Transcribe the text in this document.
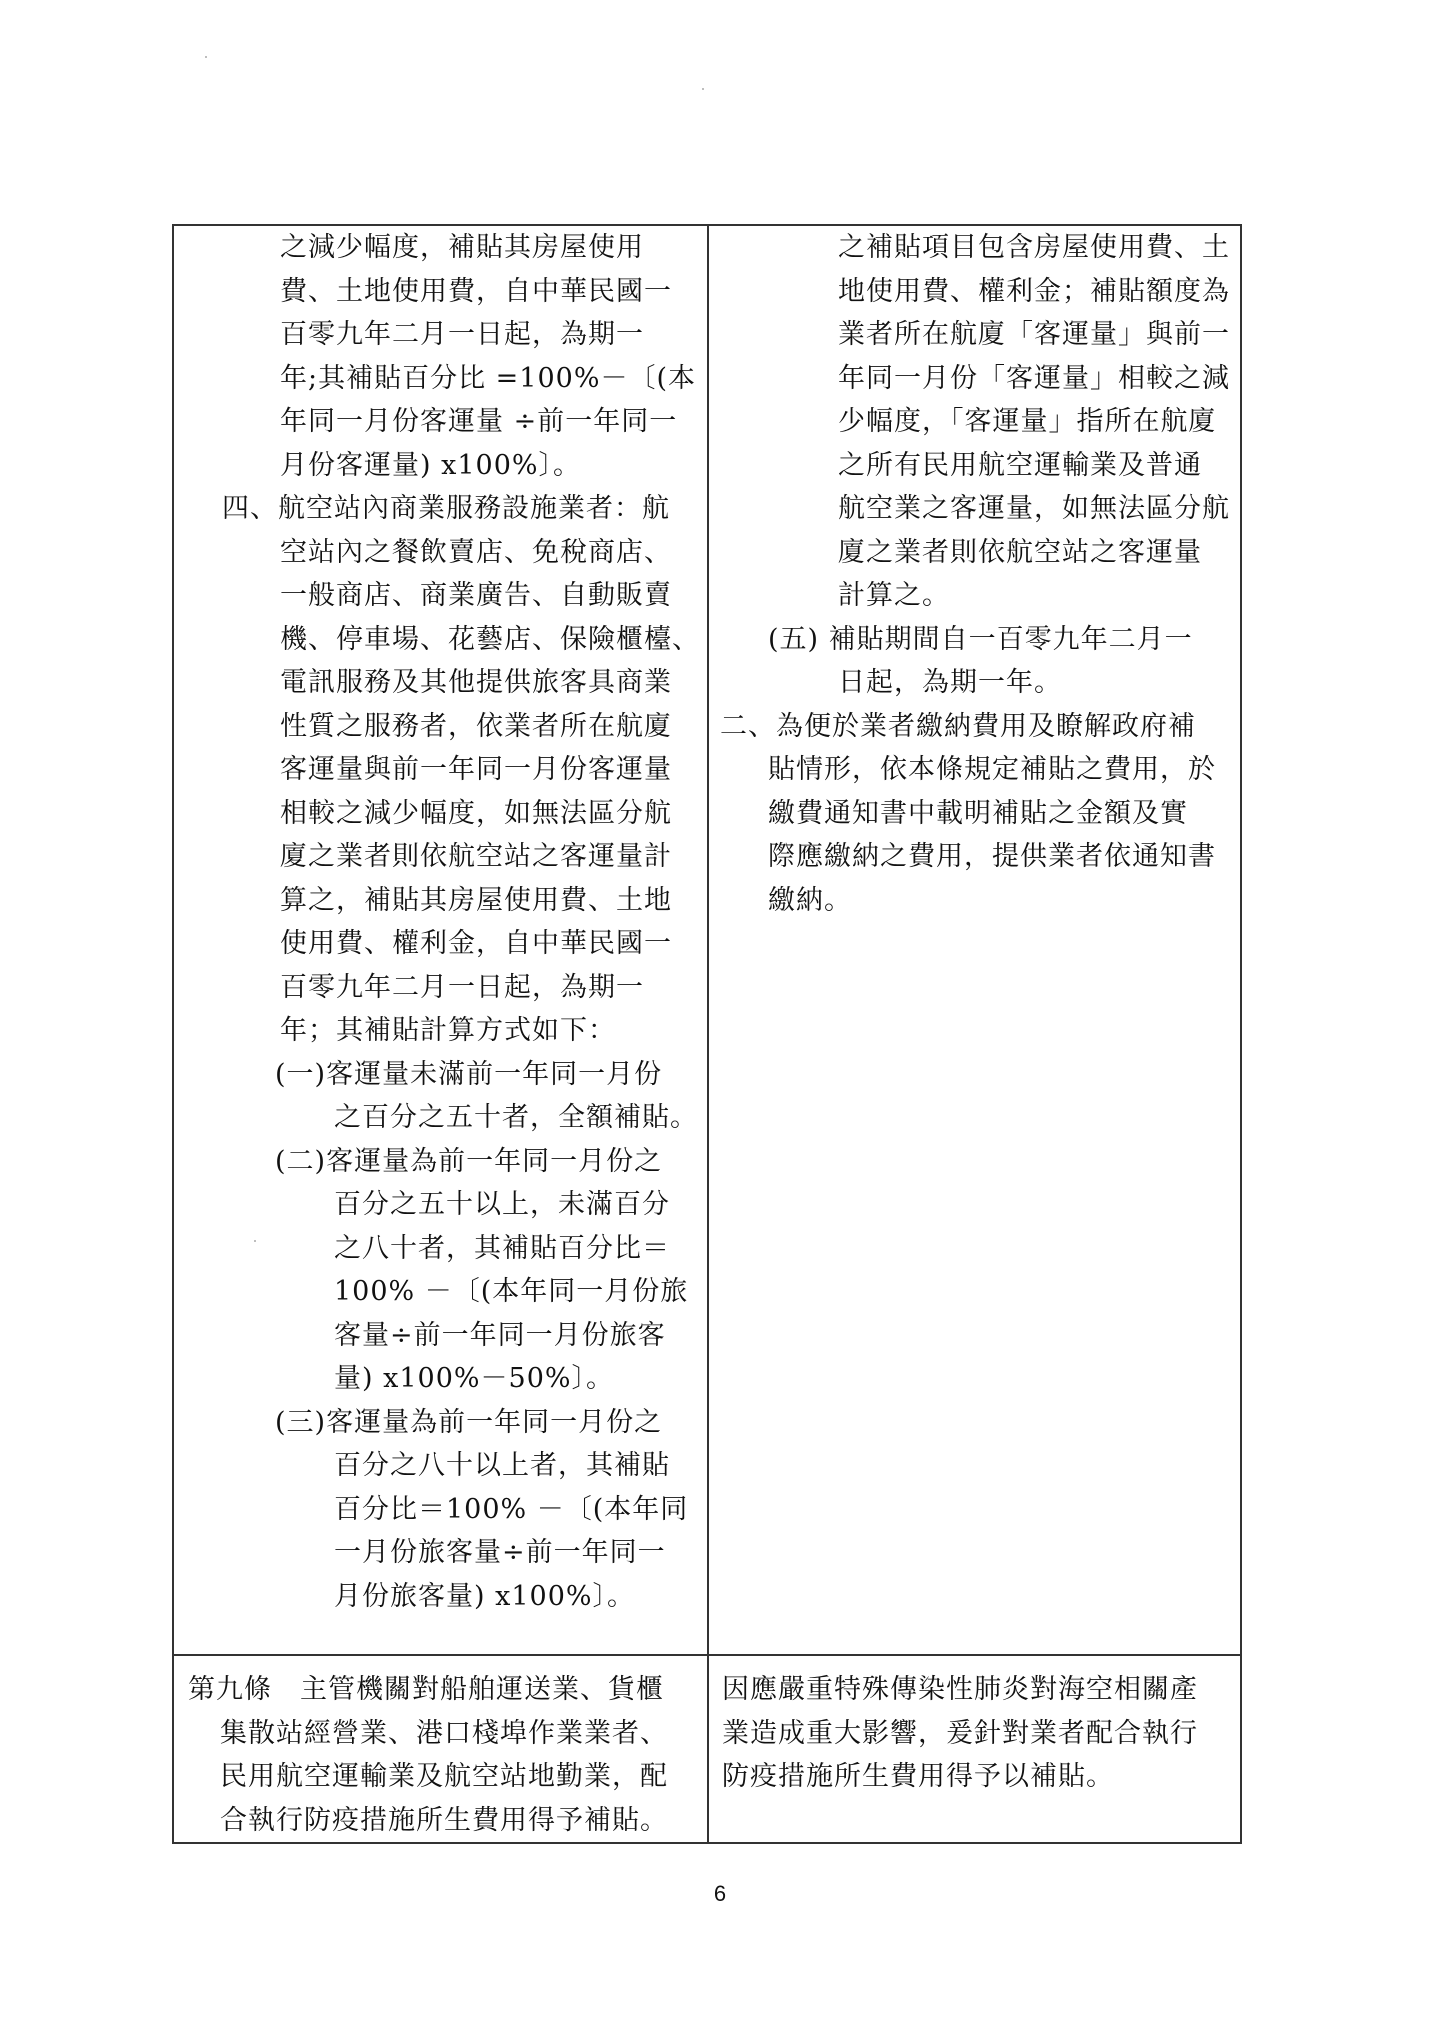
之減少幅度，補貼其房屋使用

費、土地使用費，自中華民國一

百零九年二月一日起，為期一

年;其補貼百分比 =100%－〔(本

年同一月份客運量 ÷前一年同一

月份客運量) x100%〕。

四、航空站內商業服務設施業者：航

空站內之餐飲賣店、免稅商店、

一般商店、商業廣告、自動販賣

機、停車場、花藝店、保險櫃檯、

電訊服務及其他提供旅客具商業

性質之服務者，依業者所在航廈

客運量與前一年同一月份客運量

相較之減少幅度，如無法區分航

廈之業者則依航空站之客運量計

算之，補貼其房屋使用費、土地

使用費、權利金，自中華民國一

百零九年二月一日起，為期一

年；其補貼計算方式如下：

(一)客運量未滿前一年同一月份

之百分之五十者，全額補貼。

(二)客運量為前一年同一月份之

百分之五十以上，未滿百分

之八十者，其補貼百分比＝

100% －〔(本年同一月份旅

客量÷前一年同一月份旅客

量) x100%－50%〕。

(三)客運量為前一年同一月份之

百分之八十以上者，其補貼

百分比＝100% －〔(本年同

一月份旅客量÷前一年同一

月份旅客量) x100%〕。

之補貼項目包含房屋使用費、土

地使用費、權利金；補貼額度為

業者所在航廈「客運量」與前一

年同一月份「客運量」相較之減

少幅度，「客運量」指所在航廈

之所有民用航空運輸業及普通

航空業之客運量，如無法區分航

廈之業者則依航空站之客運量

計算之。

(五) 補貼期間自一百零九年二月一

日起，為期一年。

二、為便於業者繳納費用及瞭解政府補

貼情形，依本條規定補貼之費用，於

繳費通知書中載明補貼之金額及實

際應繳納之費用，提供業者依通知書

繳納。

第九條　主管機關對船舶運送業、貨櫃

集散站經營業、港口棧埠作業業者、

民用航空運輸業及航空站地勤業，配

合執行防疫措施所生費用得予補貼。

因應嚴重特殊傳染性肺炎對海空相關產

業造成重大影響，爰針對業者配合執行

防疫措施所生費用得予以補貼。

6
